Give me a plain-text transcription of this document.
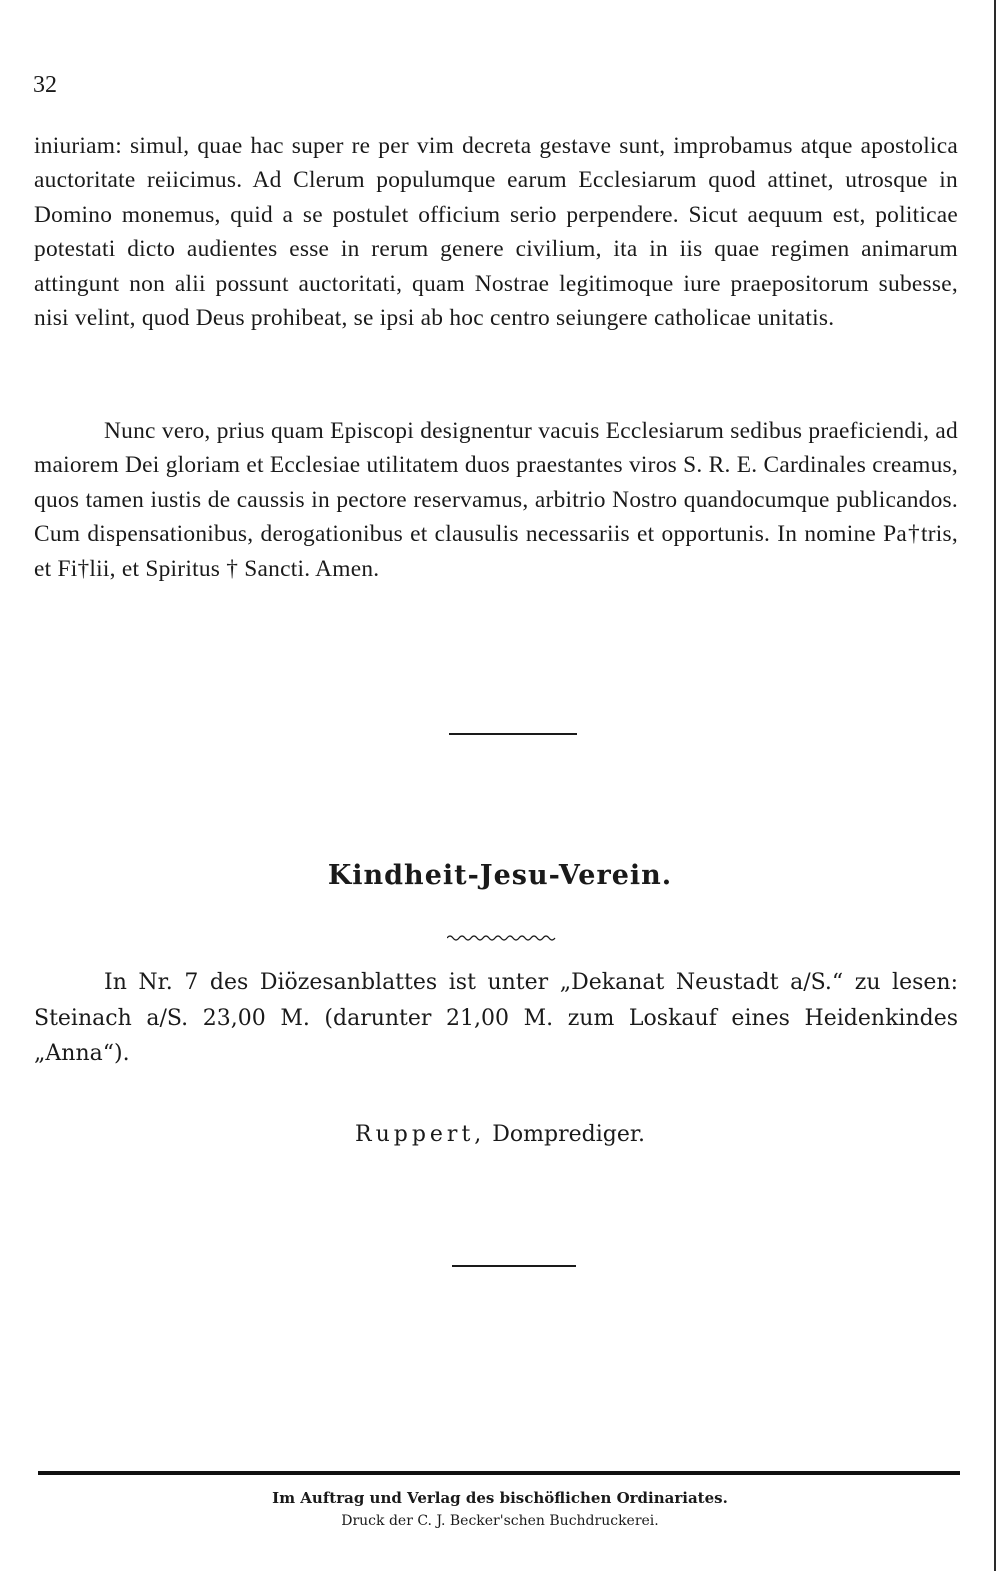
32

iniuriam: simul, quae hac super re per vim decreta gestave sunt, improbamus atque apostolica auctoritate reiicimus. Ad Clerum populumque earum Ecclesiarum quod attinet, utrosque in Domino monemus, quid a se postulet officium serio perpendere. Sicut aequum est, politicae potestati dicto audientes esse in rerum genere civilium, ita in iis quae regimen animarum attingunt non alii possunt auctoritati, quam Nostrae legitimoque iure praepositorum subesse, nisi velint, quod Deus prohibeat, se ipsi ab hoc centro seiungere catholicae unitatis.

Nunc vero, prius quam Episcopi designentur vacuis Ecclesiarum sedibus praeficiendi, ad maiorem Dei gloriam et Ecclesiae utilitatem duos praestantes viros S. R. E. Cardinales creamus, quos tamen iustis de caussis in pectore reservamus, arbitrio Nostro quandocumque publicandos. Cum dispensationibus, derogationibus et clausulis necessariis et opportunis. In nomine Pa†tris, et Fi†lii, et Spiritus † Sancti. Amen.

Kindheit-Jesu-Verein.

In Nr. 7 des Diözesanblattes ist unter „Dekanat Neustadt a/S.“ zu lesen: Steinach a/S. 23,00 M. (darunter 21,00 M. zum Loskauf eines Heidenkindes „Anna“).

Ruppert, Domprediger.
Im Auftrag und Verlag des bischöflichen Ordinariates.
Druck der C. J. Becker'schen Buchdruckerei.
